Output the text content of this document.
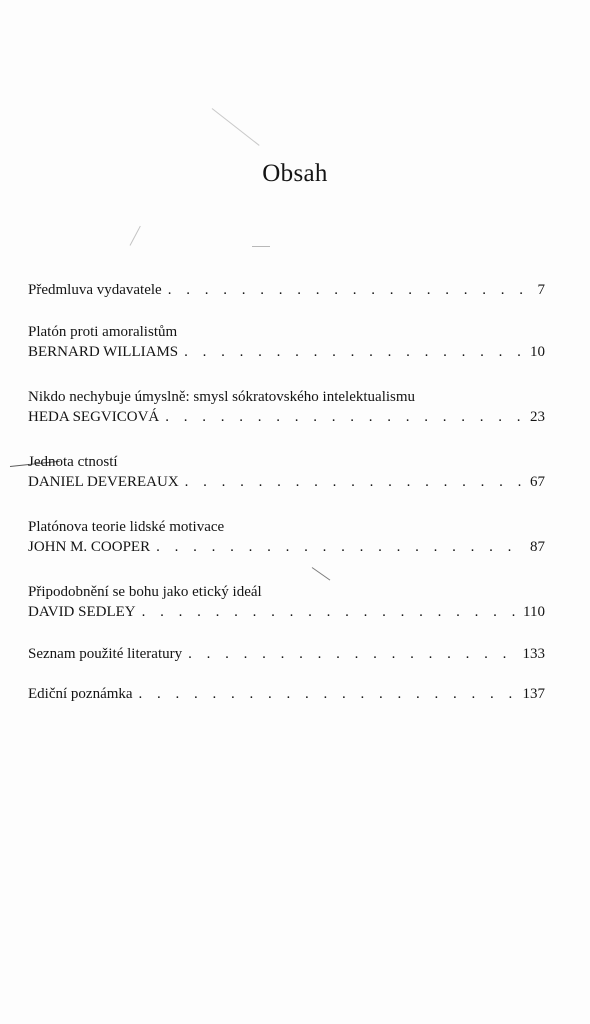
Obsah
Předmluva vydavatele . . .	7
Platón proti amoralistům
BERNARD WILLIAMS . . .	10
Nikdo nechybuje úmyslně: smysl sókratovského intelektualismu
HEDA SEGVICOVÁ . . .	23
Jednota ctností
DANIEL DEVEREAUX . . .	67
Platónova teorie lidské motivace
JOHN M. COOPER . . .	87
Připodobnění se bohu jako etický ideál
DAVID SEDLEY . . .	110
Seznam použité literatury . . .	133
Ediční poznámka . . .	137
